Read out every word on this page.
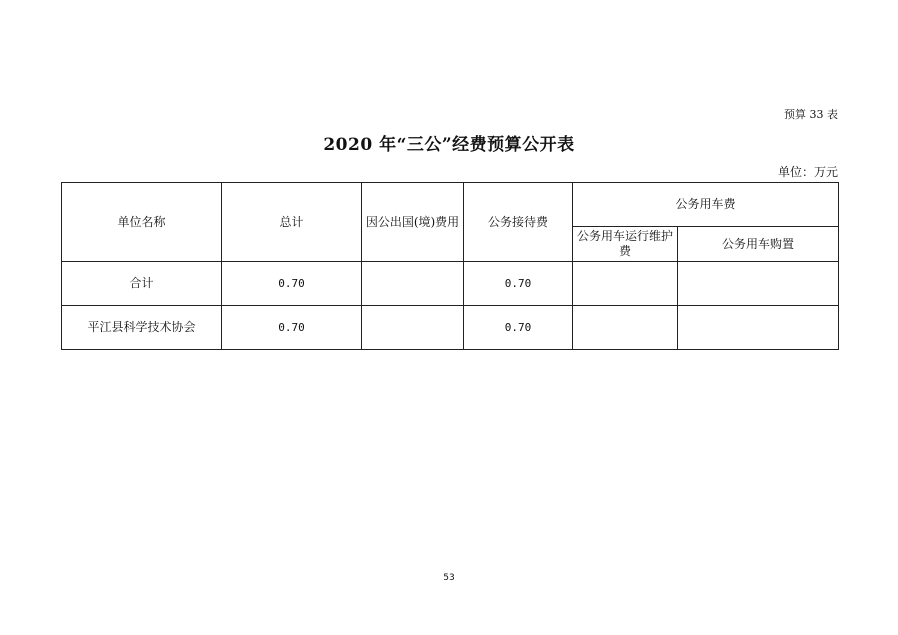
预算 33 表
2020 年“三公”经费预算公开表
单位：万元
单位名称	总计	因公出国(境)费用	公务接待费	公务用车费	
				公务用车运行维护费	公务用车购置
合计	0.70		0.70		
平江县科学技术协会	0.70		0.70		
53
